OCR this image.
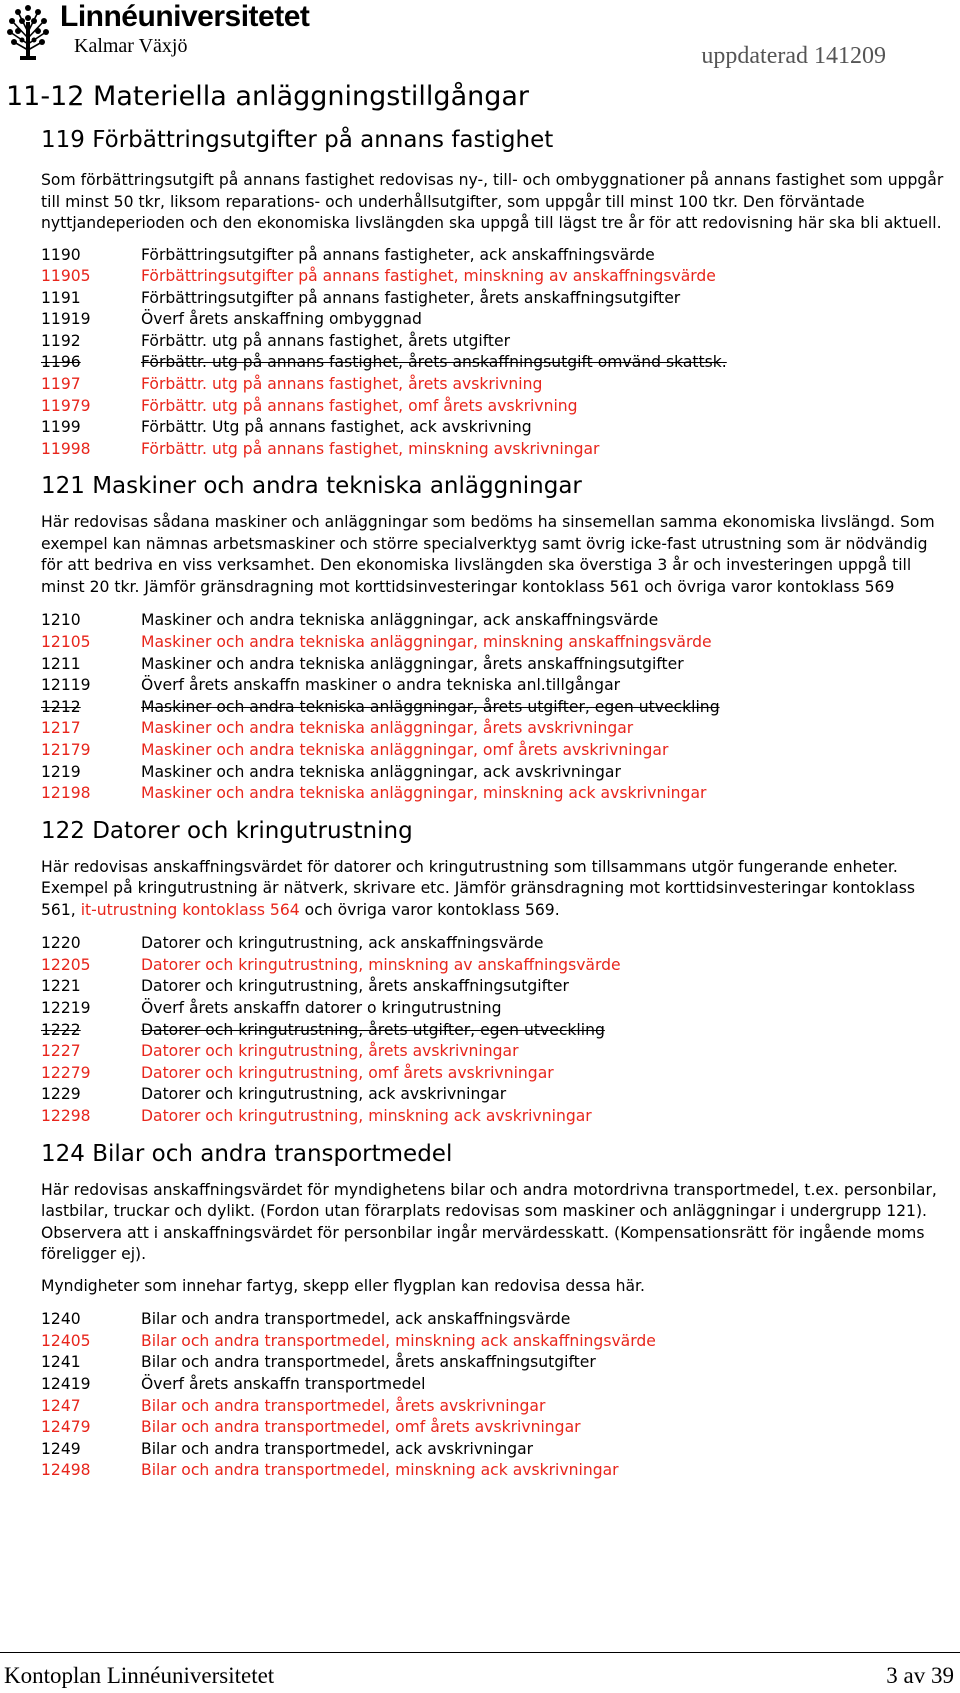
Linnéuniversitetet
Kalmar Växjö	uppdaterad 141209
11-12 Materiella anläggningstillgångar
119 Förbättringsutgifter på annans fastighet

Som förbättringsutgift på annans fastighet redovisas ny-, till- och ombyggnationer på annans fastighet som uppgår till minst 50 tkr, liksom reparations- och underhållsutgifter, som uppgår till minst 100 tkr. Den förväntade nyttjandeperioden och den ekonomiska livslängden ska uppgå till lägst tre år för att redovisning här ska bli aktuell.

1190	Förbättringsutgifter på annans fastigheter, ack anskaffningsvärde
11905	Förbättringsutgifter på annans fastighet, minskning av anskaffningsvärde
1191	Förbättringsutgifter på annans fastigheter, årets anskaffningsutgifter
11919	Överf årets anskaffning ombyggnad
1192	Förbättr. utg på annans fastighet, årets utgifter
1196	Förbättr. utg på annans fastighet, årets anskaffningsutgift omvänd skattsk.
1197	Förbättr. utg på annans fastighet, årets avskrivning
11979	Förbättr. utg på annans fastighet, omf årets avskrivning
1199	Förbättr. Utg på annans fastighet, ack avskrivning
11998	Förbättr. utg på annans fastighet, minskning avskrivningar
121 Maskiner och andra tekniska anläggningar

Här redovisas sådana maskiner och anläggningar som bedöms ha sinsemellan samma ekonomiska livslängd. Som exempel kan nämnas arbetsmaskiner och större specialverktyg samt övrig icke-fast utrustning som är nödvändig för att bedriva en viss verksamhet. Den ekonomiska livslängden ska överstiga 3 år och investeringen uppgå till minst 20 tkr. Jämför gränsdragning mot korttidsinvesteringar kontoklass 561 och övriga varor kontoklass 569

1210	Maskiner och andra tekniska anläggningar, ack anskaffningsvärde
12105	Maskiner och andra tekniska anläggningar, minskning anskaffningsvärde
1211	Maskiner och andra tekniska anläggningar, årets anskaffningsutgifter
12119	Överf årets anskaffn maskiner o andra tekniska anl.tillgångar
1212	Maskiner och andra tekniska anläggningar, årets utgifter, egen utveckling
1217	Maskiner och andra tekniska anläggningar, årets avskrivningar
12179	Maskiner och andra tekniska anläggningar, omf årets avskrivningar
1219	Maskiner och andra tekniska anläggningar, ack avskrivningar
12198	Maskiner och andra tekniska anläggningar, minskning ack avskrivningar
122 Datorer och kringutrustning

Här redovisas anskaffningsvärdet för datorer och kringutrustning som tillsammans utgör fungerande enheter. Exempel på kringutrustning är nätverk, skrivare etc. Jämför gränsdragning mot korttidsinvesteringar kontoklass 561, it-utrustning kontoklass 564 och övriga varor kontoklass 569.

1220	Datorer och kringutrustning, ack anskaffningsvärde
12205	Datorer och kringutrustning, minskning av anskaffningsvärde
1221	Datorer och kringutrustning, årets anskaffningsutgifter
12219	Överf årets anskaffn datorer o kringutrustning
1222	Datorer och kringutrustning, årets utgifter, egen utveckling
1227	Datorer och kringutrustning, årets avskrivningar
12279	Datorer och kringutrustning, omf årets avskrivningar
1229	Datorer och kringutrustning, ack avskrivningar
12298	Datorer och kringutrustning, minskning ack avskrivningar
124 Bilar och andra transportmedel

Här redovisas anskaffningsvärdet för myndighetens bilar och andra motordrivna transportmedel, t.ex. personbilar, lastbilar, truckar och dylikt. (Fordon utan förarplats redovisas som maskiner och anläggningar i undergrupp 121). Observera att i anskaffningsvärdet för personbilar ingår mervärdesskatt. (Kompensationsrätt för ingående moms föreligger ej).

Myndigheter som innehar fartyg, skepp eller flygplan kan redovisa dessa här.

1240	Bilar och andra transportmedel, ack anskaffningsvärde
12405	Bilar och andra transportmedel, minskning ack anskaffningsvärde
1241	Bilar och andra transportmedel, årets anskaffningsutgifter
12419	Överf årets anskaffn transportmedel
1247	Bilar och andra transportmedel, årets avskrivningar
12479	Bilar och andra transportmedel, omf årets avskrivningar
1249	Bilar och andra transportmedel, ack avskrivningar
12498	Bilar och andra transportmedel, minskning ack avskrivningar
Kontoplan Linnéuniversitetet	3 av 39
